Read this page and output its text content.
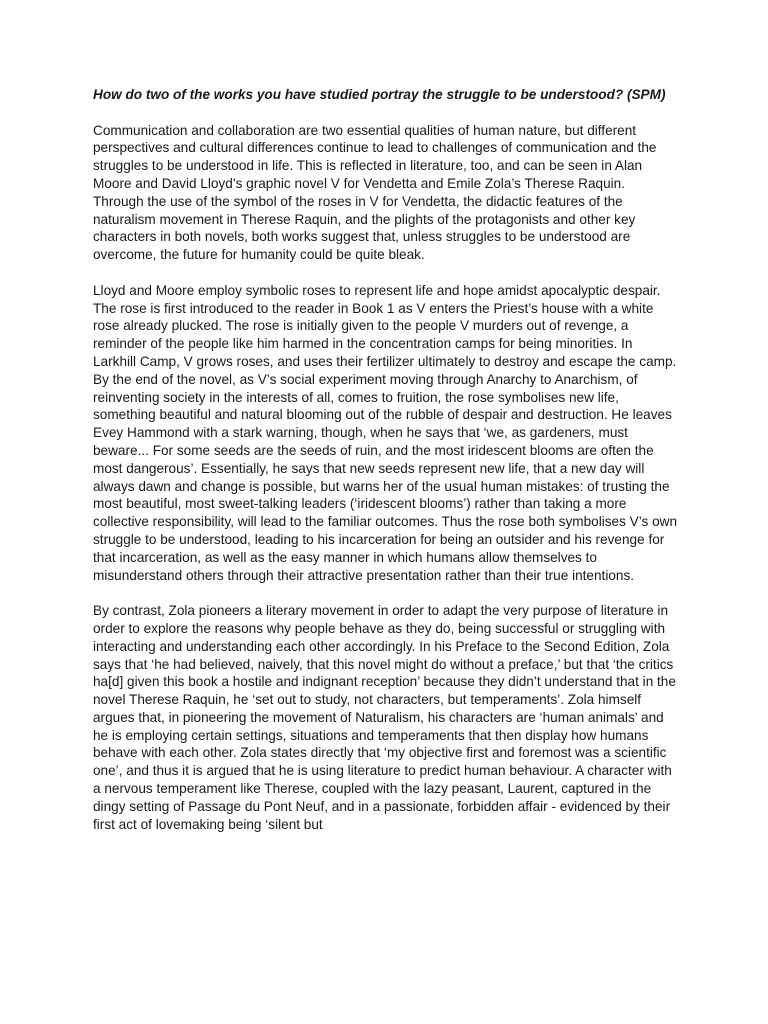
How do two of the works you have studied portray the struggle to be understood? (SPM)

Communication and collaboration are two essential qualities of human nature, but different perspectives and cultural differences continue to lead to challenges of communication and the struggles to be understood in life. This is reflected in literature, too, and can be seen in Alan Moore and David Lloyd’s graphic novel V for Vendetta and Emile Zola’s Therese Raquin. Through the use of the symbol of the roses in V for Vendetta, the didactic features of the naturalism movement in Therese Raquin, and the plights of the protagonists and other key characters in both novels, both works suggest that, unless struggles to be understood are overcome, the future for humanity could be quite bleak.

Lloyd and Moore employ symbolic roses to represent life and hope amidst apocalyptic despair. The rose is first introduced to the reader in Book 1 as V enters the Priest’s house with a white rose already plucked. The rose is initially given to the people V murders out of revenge, a reminder of the people like him harmed in the concentration camps for being minorities. In Larkhill Camp, V grows roses, and uses their fertilizer ultimately to destroy and escape the camp. By the end of the novel, as V’s social experiment moving through Anarchy to Anarchism, of reinventing society in the interests of all, comes to fruition, the rose symbolises new life, something beautiful and natural blooming out of the rubble of despair and destruction. He leaves Evey Hammond with a stark warning, though, when he says that ‘we, as gardeners, must beware... For some seeds are the seeds of ruin, and the most iridescent blooms are often the most dangerous’. Essentially, he says that new seeds represent new life, that a new day will always dawn and change is possible, but warns her of the usual human mistakes: of trusting the most beautiful, most sweet-talking leaders (‘iridescent blooms’) rather than taking a more collective responsibility, will lead to the familiar outcomes. Thus the rose both symbolises V’s own struggle to be understood, leading to his incarceration for being an outsider and his revenge for that incarceration, as well as the easy manner in which humans allow themselves to misunderstand others through their attractive presentation rather than their true intentions.

By contrast, Zola pioneers a literary movement in order to adapt the very purpose of literature in order to explore the reasons why people behave as they do, being successful or struggling with interacting and understanding each other accordingly. In his Preface to the Second Edition, Zola says that ‘he had believed, naively, that this novel might do without a preface,’ but that ‘the critics ha[d] given this book a hostile and indignant reception’ because they didn’t understand that in the novel Therese Raquin, he ‘set out to study, not characters, but temperaments’. Zola himself argues that, in pioneering the movement of Naturalism, his characters are ‘human animals’ and he is employing certain settings, situations and temperaments that then display how humans behave with each other. Zola states directly that ‘my objective first and foremost was a scientific one’, and thus it is argued that he is using literature to predict human behaviour. A character with a nervous temperament like Therese, coupled with the lazy peasant, Laurent, captured in the dingy setting of Passage du Pont Neuf, and in a passionate, forbidden affair - evidenced by their first act of lovemaking being ‘silent but
